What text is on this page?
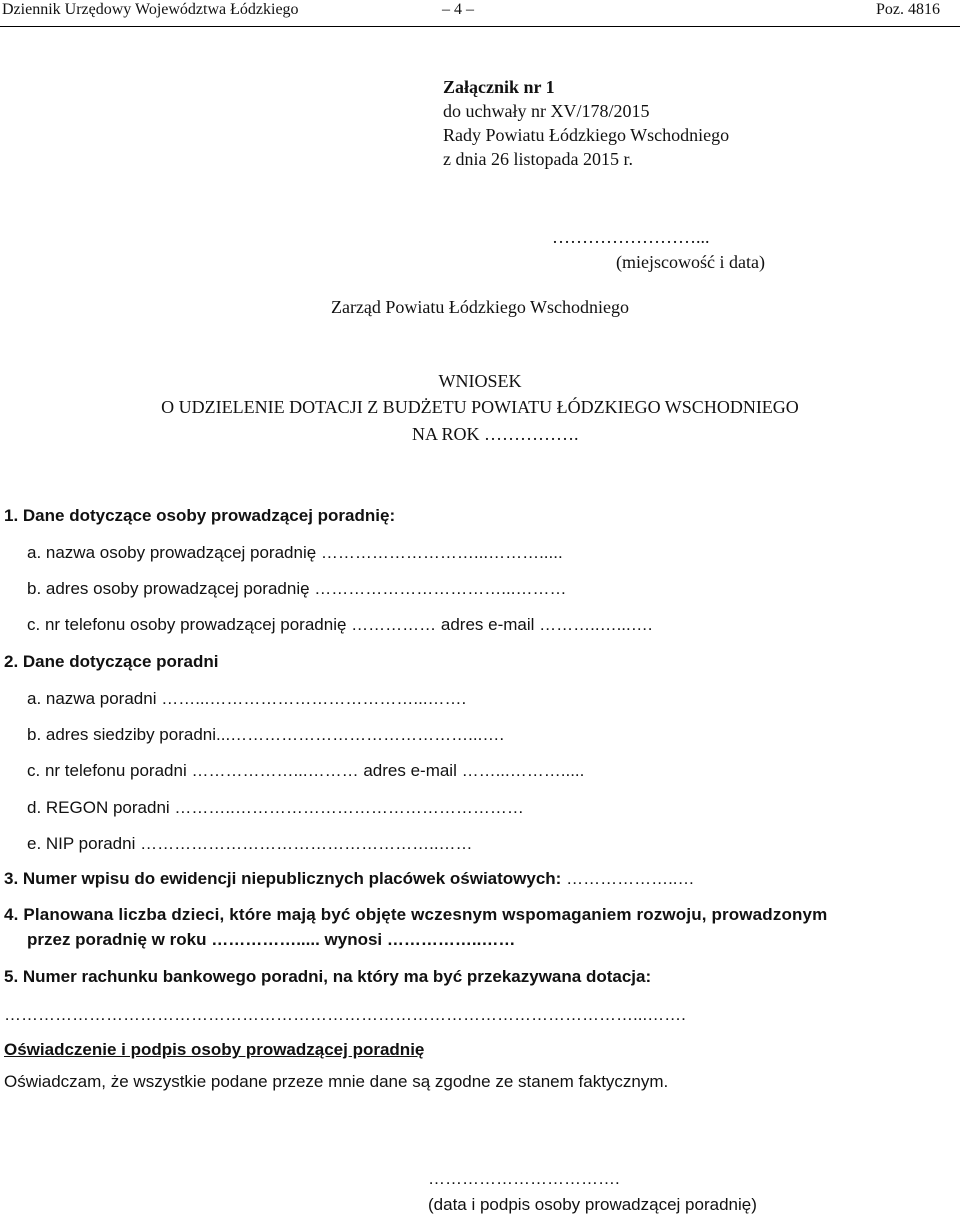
Dziennik Urzędowy Województwa Łódzkiego	– 4 –	Poz. 4816
Załącznik nr 1
do uchwały nr XV/178/2015
Rady Powiatu Łódzkiego Wschodniego
z dnia 26 listopada 2015 r.
……………………...
(miejscowość i data)
Zarząd Powiatu Łódzkiego Wschodniego
WNIOSEK
O UDZIELENIE DOTACJI Z BUDŻETU POWIATU ŁÓDZKIEGO WSCHODNIEGO
NA ROK …………….
1. Dane dotyczące osoby prowadzącej poradnię:
a. nazwa osoby prowadzącej poradnię ………………………...……….....
b. adres osoby prowadzącej poradnię ……………………………...………
c. nr telefonu osoby prowadzącej poradnię …………… adres e-mail ………..…...….
2. Dane dotyczące poradni
a. nazwa poradni ……...………………………………...…….
b. adres siedziby poradni...……………………………………...….
c. nr telefonu poradni ………………...……… adres e-mail ……...……….....
d. REGON poradni ………..……………………………………………
e. NIP poradni ……………………………………………..……
3. Numer wpisu do ewidencji niepublicznych placówek oświatowych: ………………..…
4. Planowana liczba dzieci, które mają być objęte wczesnym wspomaganiem rozwoju, prowadzonym
przez poradnię w roku ……………..... wynosi ……………..……
5. Numer rachunku bankowego poradni, na który ma być przekazywana dotacja:
…………………………………………………………………………………………………...…….
Oświadczenie i podpis osoby prowadzącej poradnię
Oświadczam, że wszystkie podane przeze mnie dane są zgodne ze stanem faktycznym.
…………………………….
(data i podpis osoby prowadzącej poradnię)
